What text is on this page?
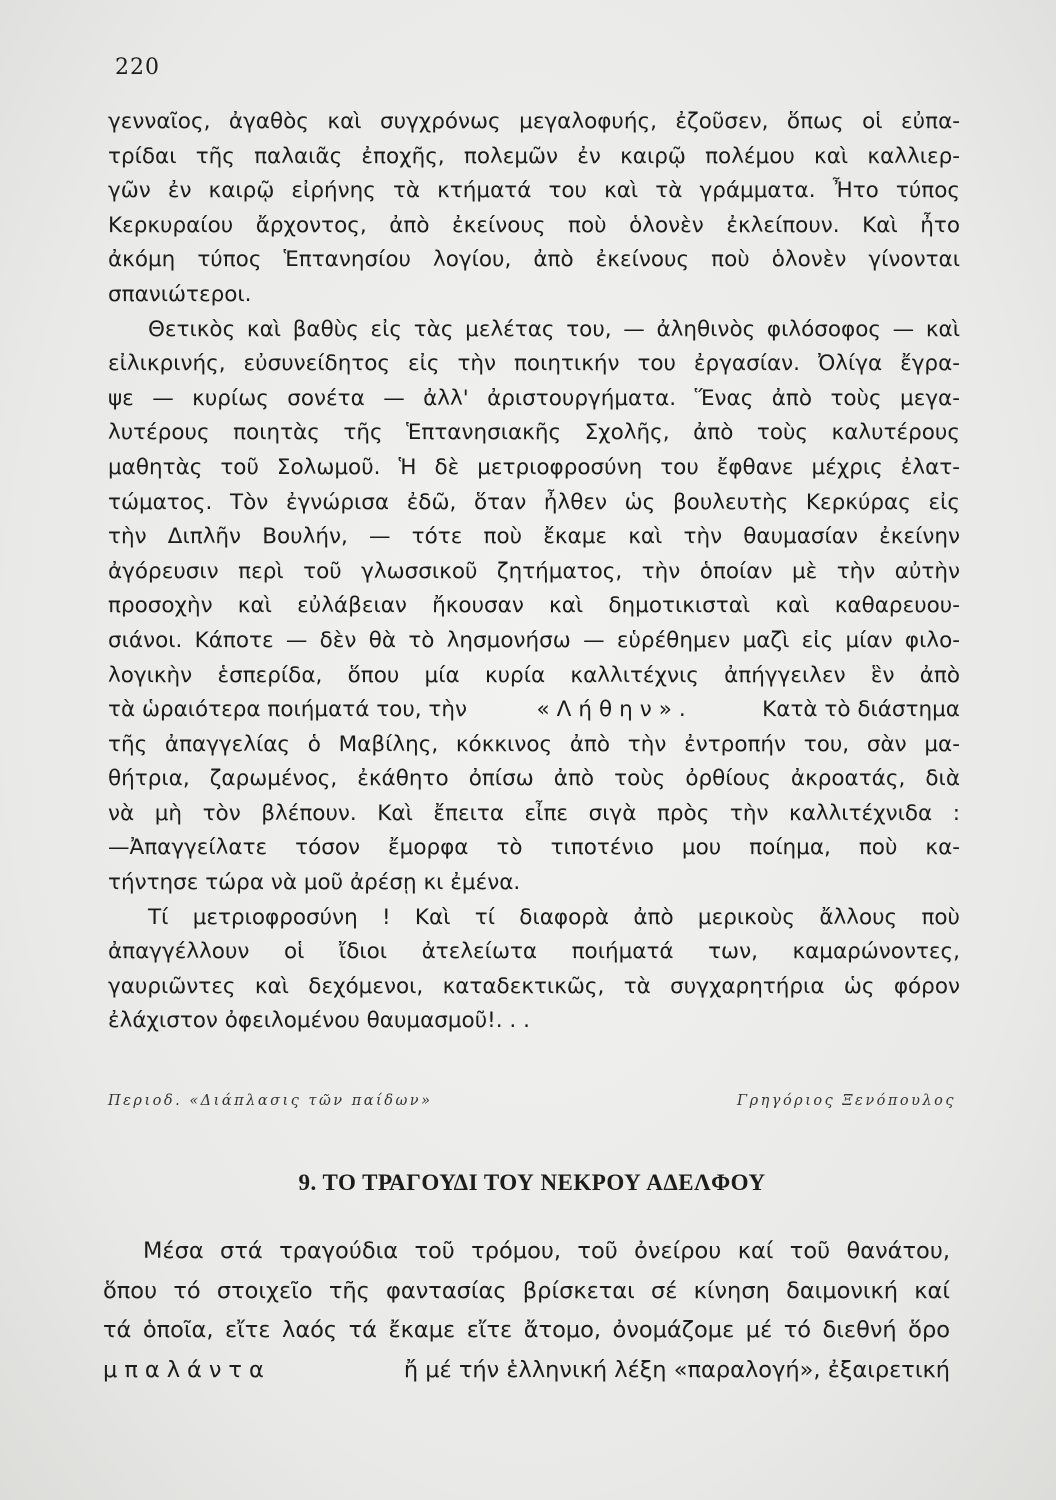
220
γενναῖος, ἀγαθὸς καὶ συγχρόνως μεγαλοφυής, ἐζοῦσεν, ὅπως οἱ εὐπα-
τρίδαι τῆς παλαιᾶς ἐποχῆς, πολεμῶν ἐν καιρῷ πολέμου καὶ καλλιερ-
γῶν ἐν καιρῷ εἰρήνης τὰ κτήματά του καὶ τὰ γράμματα. Ἦτο τύπος
Κερκυραίου ἄρχοντος, ἀπὸ ἐκείνους ποὺ ὁλονὲν ἐκλείπουν. Καὶ ἦτο
ἀκόμη τύπος Ἑπτανησίου λογίου, ἀπὸ ἐκείνους ποὺ ὁλονὲν γίνονται
σπανιώτεροι.
Θετικὸς καὶ βαθὺς εἰς τὰς μελέτας του, — ἀληθινὸς φιλόσοφος — καὶ
εἰλικρινής, εὐσυνείδητος εἰς τὴν ποιητικήν του ἐργασίαν. Ὀλίγα ἔγρα-
ψε — κυρίως σονέτα — ἀλλ' ἀριστουργήματα. Ἕνας ἀπὸ τοὺς μεγα-
λυτέρους ποιητὰς τῆς Ἑπτανησιακῆς Σχολῆς, ἀπὸ τοὺς καλυτέρους
μαθητὰς τοῦ Σολωμοῦ. Ἡ δὲ μετριοφροσύνη του ἔφθανε μέχρις ἐλατ-
τώματος. Τὸν ἐγνώρισα ἐδῶ, ὅταν ἦλθεν ὡς βουλευτὴς Κερκύρας εἰς
τὴν Διπλῆν Βουλήν, — τότε ποὺ ἔκαμε καὶ τὴν θαυμασίαν ἐκείνην
ἀγόρευσιν περὶ τοῦ γλωσσικοῦ ζητήματος, τὴν ὁποίαν μὲ τὴν αὐτὴν
προσοχὴν καὶ εὐλάβειαν ἤκουσαν καὶ δημοτικισταὶ καὶ καθαρευου-
σιάνοι. Κάποτε — δὲν θὰ τὸ λησμονήσω — εὑρέθημεν μαζὶ εἰς μίαν φιλο-
λογικὴν ἑσπερίδα, ὅπου μία κυρία καλλιτέχνις ἀπήγγειλεν ἓν ἀπὸ
τὰ ὡραιότερα ποιήματά του, τὴν	«Λήθην».	Κατὰ τὸ διάστημα
τῆς ἀπαγγελίας ὁ Μαβίλης, κόκκινος ἀπὸ τὴν ἐντροπήν του, σὰν μα-
θήτρια, ζαρωμένος, ἐκάθητο ὀπίσω ἀπὸ τοὺς ὀρθίους ἀκροατάς, διὰ
νὰ μὴ τὸν βλέπουν. Καὶ ἔπειτα εἶπε σιγὰ πρὸς τὴν καλλιτέχνιδα :
—Ἀπαγγείλατε τόσον ἔμορφα τὸ τιποτένιο μου ποίημα, ποὺ κα-
τήντησε τώρα νὰ μοῦ ἀρέσῃ κι ἐμένα.
Τί μετριοφροσύνη ! Καὶ τί διαφορὰ ἀπὸ μερικοὺς ἄλλους ποὺ
ἀπαγγέλλουν οἱ ἴδιοι ἀτελείωτα ποιήματά των, καμαρώνοντες,
γαυριῶντες καὶ δεχόμενοι, καταδεκτικῶς, τὰ συγχαρητήρια ὡς φόρον
ἐλάχιστον ὀφειλομένου θαυμασμοῦ!. . .
Περιοδ. «Διάπλασις τῶν παίδων»	Γρηγόριος Ξενόπουλος
9. ΤΟ ΤΡΑΓΟΥΔΙ ΤΟΥ ΝΕΚΡΟΥ ΑΔΕΛΦΟΥ
Μέσα στά τραγούδια τοῦ τρόμου, τοῦ ὀνείρου καί τοῦ θανάτου,
ὅπου τό στοιχεῖο τῆς φαντασίας βρίσκεται σέ κίνηση δαιμονική καί
τά ὁποῖα, εἴτε λαός τά ἔκαμε εἴτε ἄτομο, ὀνομάζομε μέ τό διεθνή ὅρο
μπαλάντα	ἤ μέ τήν ἑλληνική λέξη «παραλογή», ἐξαιρετική
